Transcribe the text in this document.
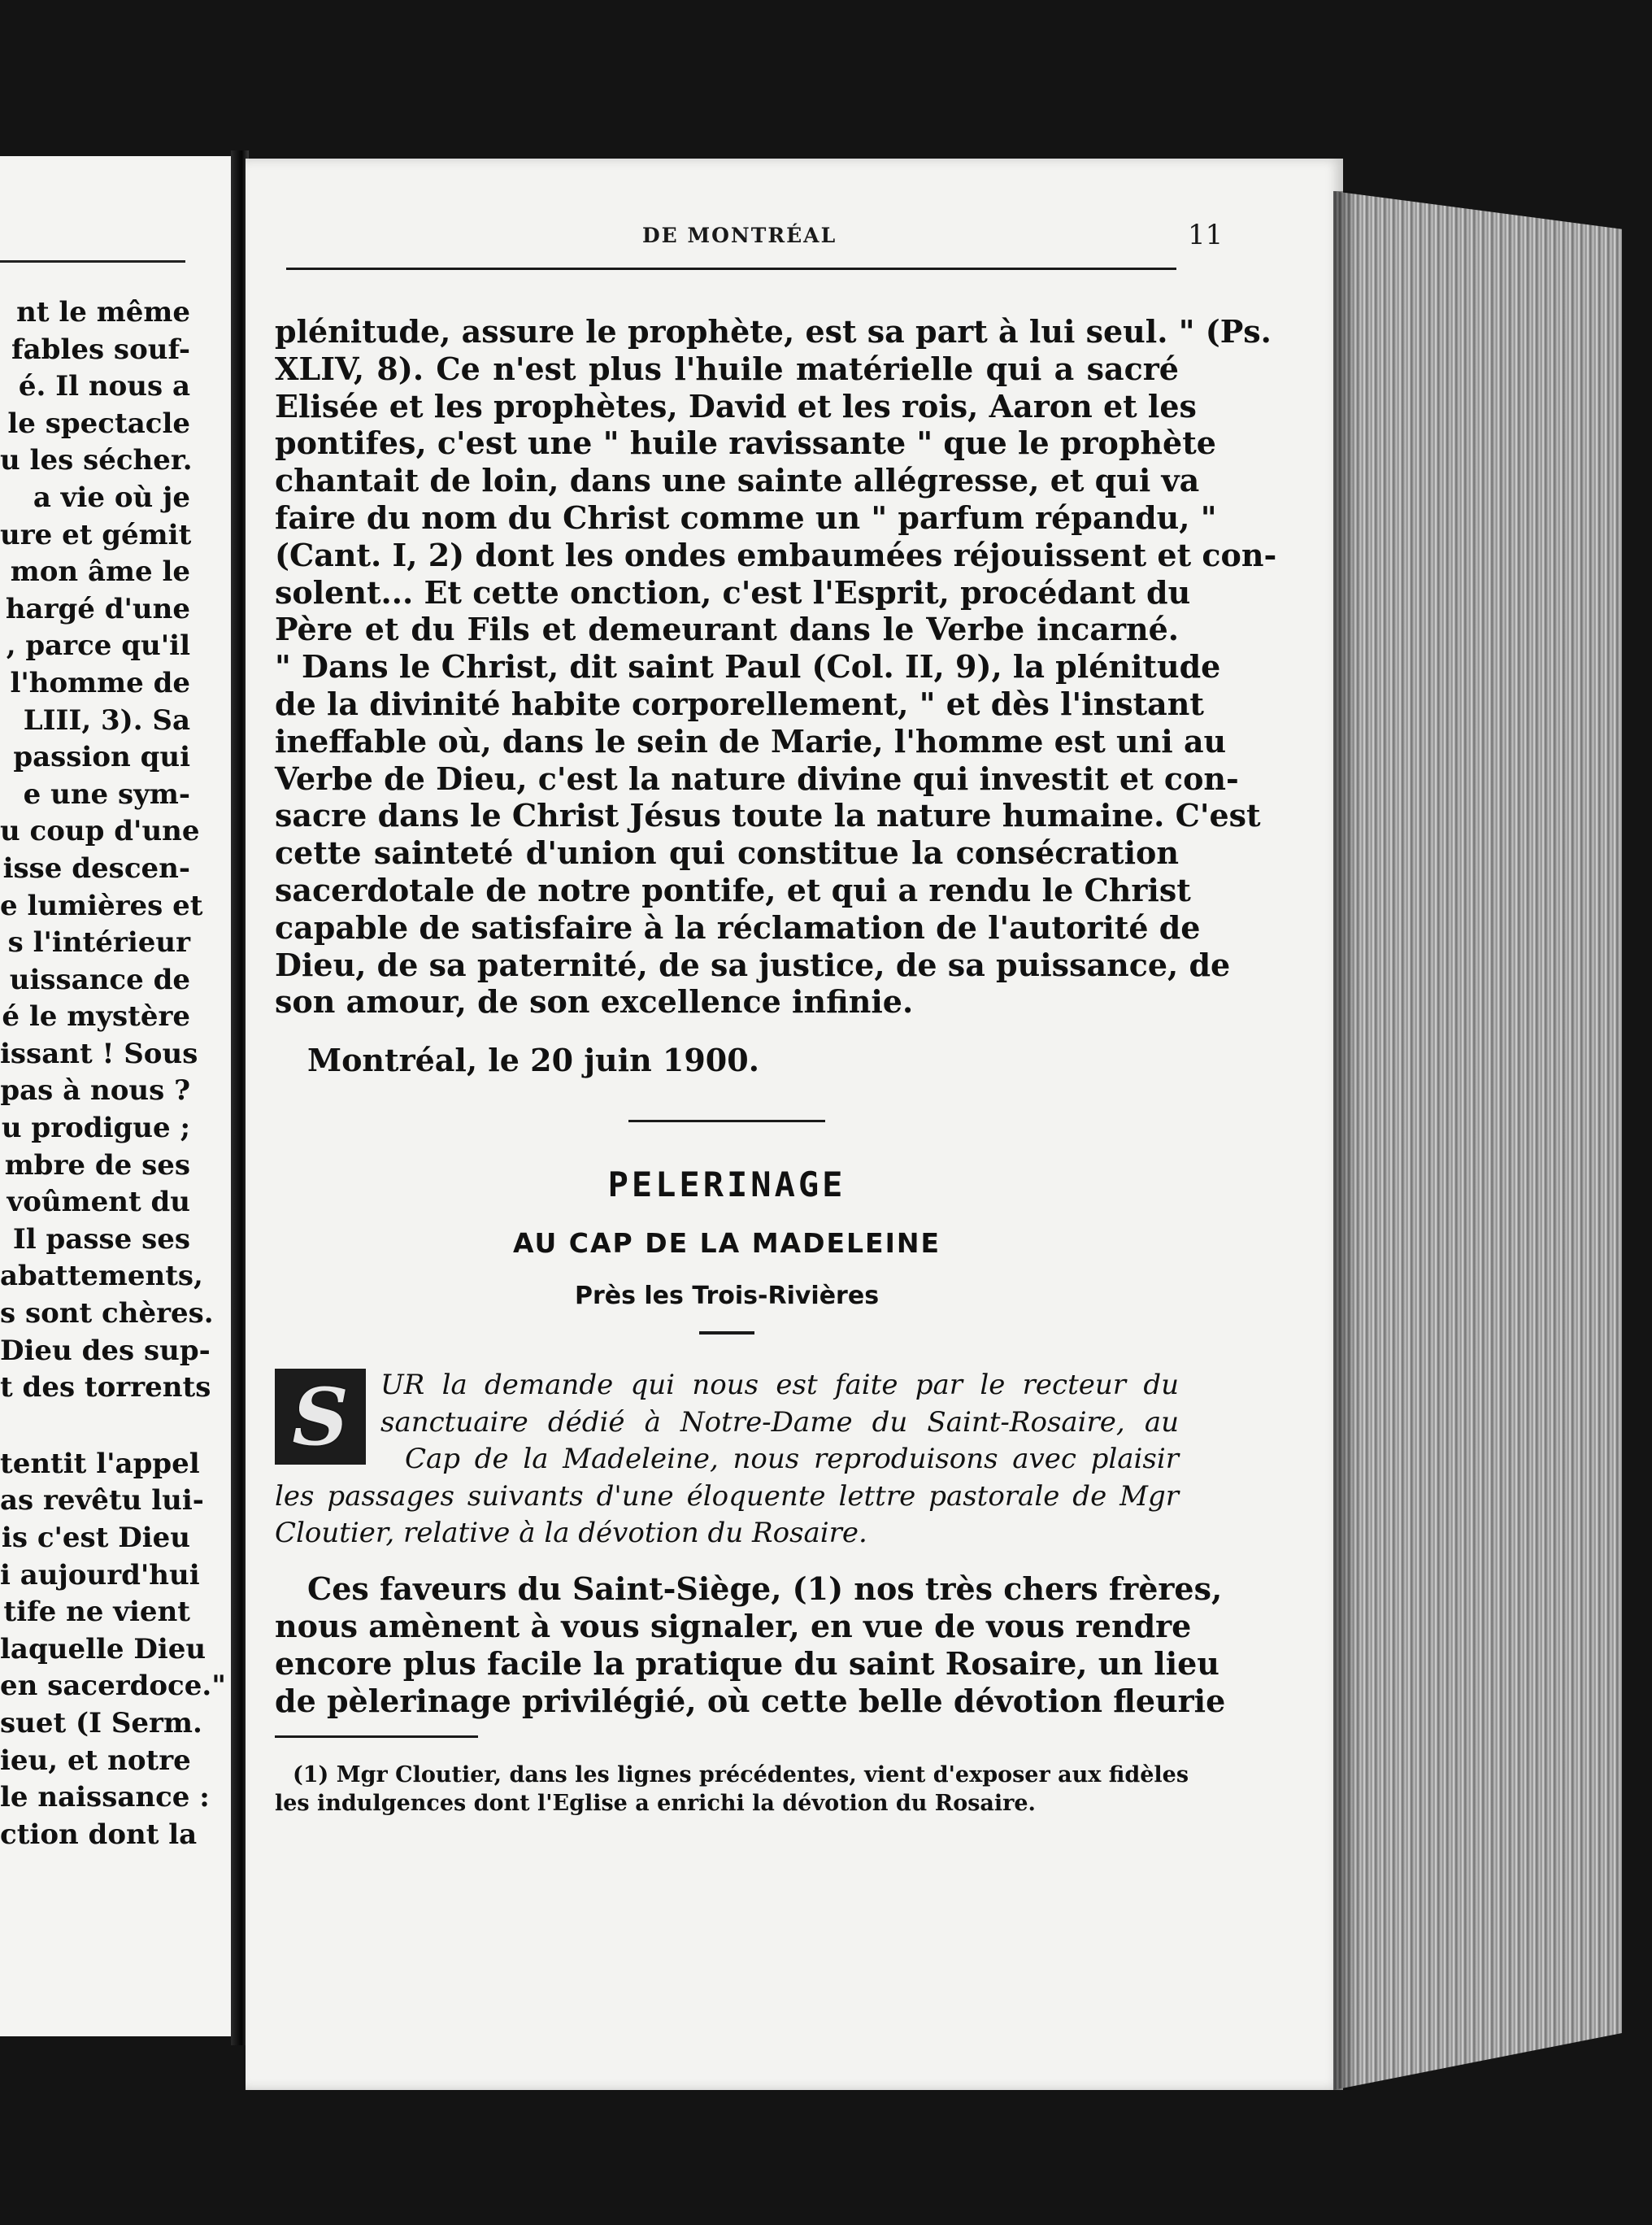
nt le même
fables souf-
é. Il nous a
le spectacle
u les sécher.
a vie où je
ure et gémit
mon âme le
hargé d'une
, parce qu'il
l'homme de
LIII, 3). Sa
passion qui
e une sym-
u coup d'une
isse descen-
e lumières et
s l'intérieur
uissance de
é le mystère
issant ! Sous
pas à nous ?
u prodigue ;
mbre de ses
voûment du
Il passe ses
abattements,
s sont chères.
Dieu des sup-
t des torrents
tentit l'appel
as revêtu lui-
is c'est Dieu
i aujourd'hui
tife ne vient
laquelle Dieu
en sacerdoce."
suet (I Serm.
ieu, et notre
le naissance :
ction dont la
DE MONTRÉAL	11
plénitude, assure le prophète, est sa part à lui seul. " (Ps.
XLIV, 8). Ce n'est plus l'huile matérielle qui a sacré
Elisée et les prophètes, David et les rois, Aaron et les
pontifes, c'est une " huile ravissante " que le prophète
chantait de loin, dans une sainte allégresse, et qui va
faire du nom du Christ comme un " parfum répandu, "
(Cant. I, 2) dont les ondes embaumées réjouissent et con-
solent... Et cette onction, c'est l'Esprit, procédant du
Père et du Fils et demeurant dans le Verbe incarné.
" Dans le Christ, dit saint Paul (Col. II, 9), la plénitude
de la divinité habite corporellement, " et dès l'instant
ineffable où, dans le sein de Marie, l'homme est uni au
Verbe de Dieu, c'est la nature divine qui investit et con-
sacre dans le Christ Jésus toute la nature humaine. C'est
cette sainteté d'union qui constitue la consécration
sacerdotale de notre pontife, et qui a rendu le Christ
capable de satisfaire à la réclamation de l'autorité de
Dieu, de sa paternité, de sa justice, de sa puissance, de
son amour, de son excellence infinie.
Montréal, le 20 juin 1900.
PELERINAGE
AU CAP DE LA MADELEINE
Près les Trois-Rivières
UR la demande qui nous est faite par le recteur du
sanctuaire dédié à Notre-Dame du Saint-Rosaire, au
Cap de la Madeleine, nous reproduisons avec plaisir
les passages suivants d'une éloquente lettre pastorale de Mgr
Cloutier, relative à la dévotion du Rosaire.
S
Ces faveurs du Saint-Siège, (1) nos très chers frères,
nous amènent à vous signaler, en vue de vous rendre
encore plus facile la pratique du saint Rosaire, un lieu
de pèlerinage privilégié, où cette belle dévotion fleurie
(1) Mgr Cloutier, dans les lignes précédentes, vient d'exposer aux fidèles
les indulgences dont l'Eglise a enrichi la dévotion du Rosaire.
